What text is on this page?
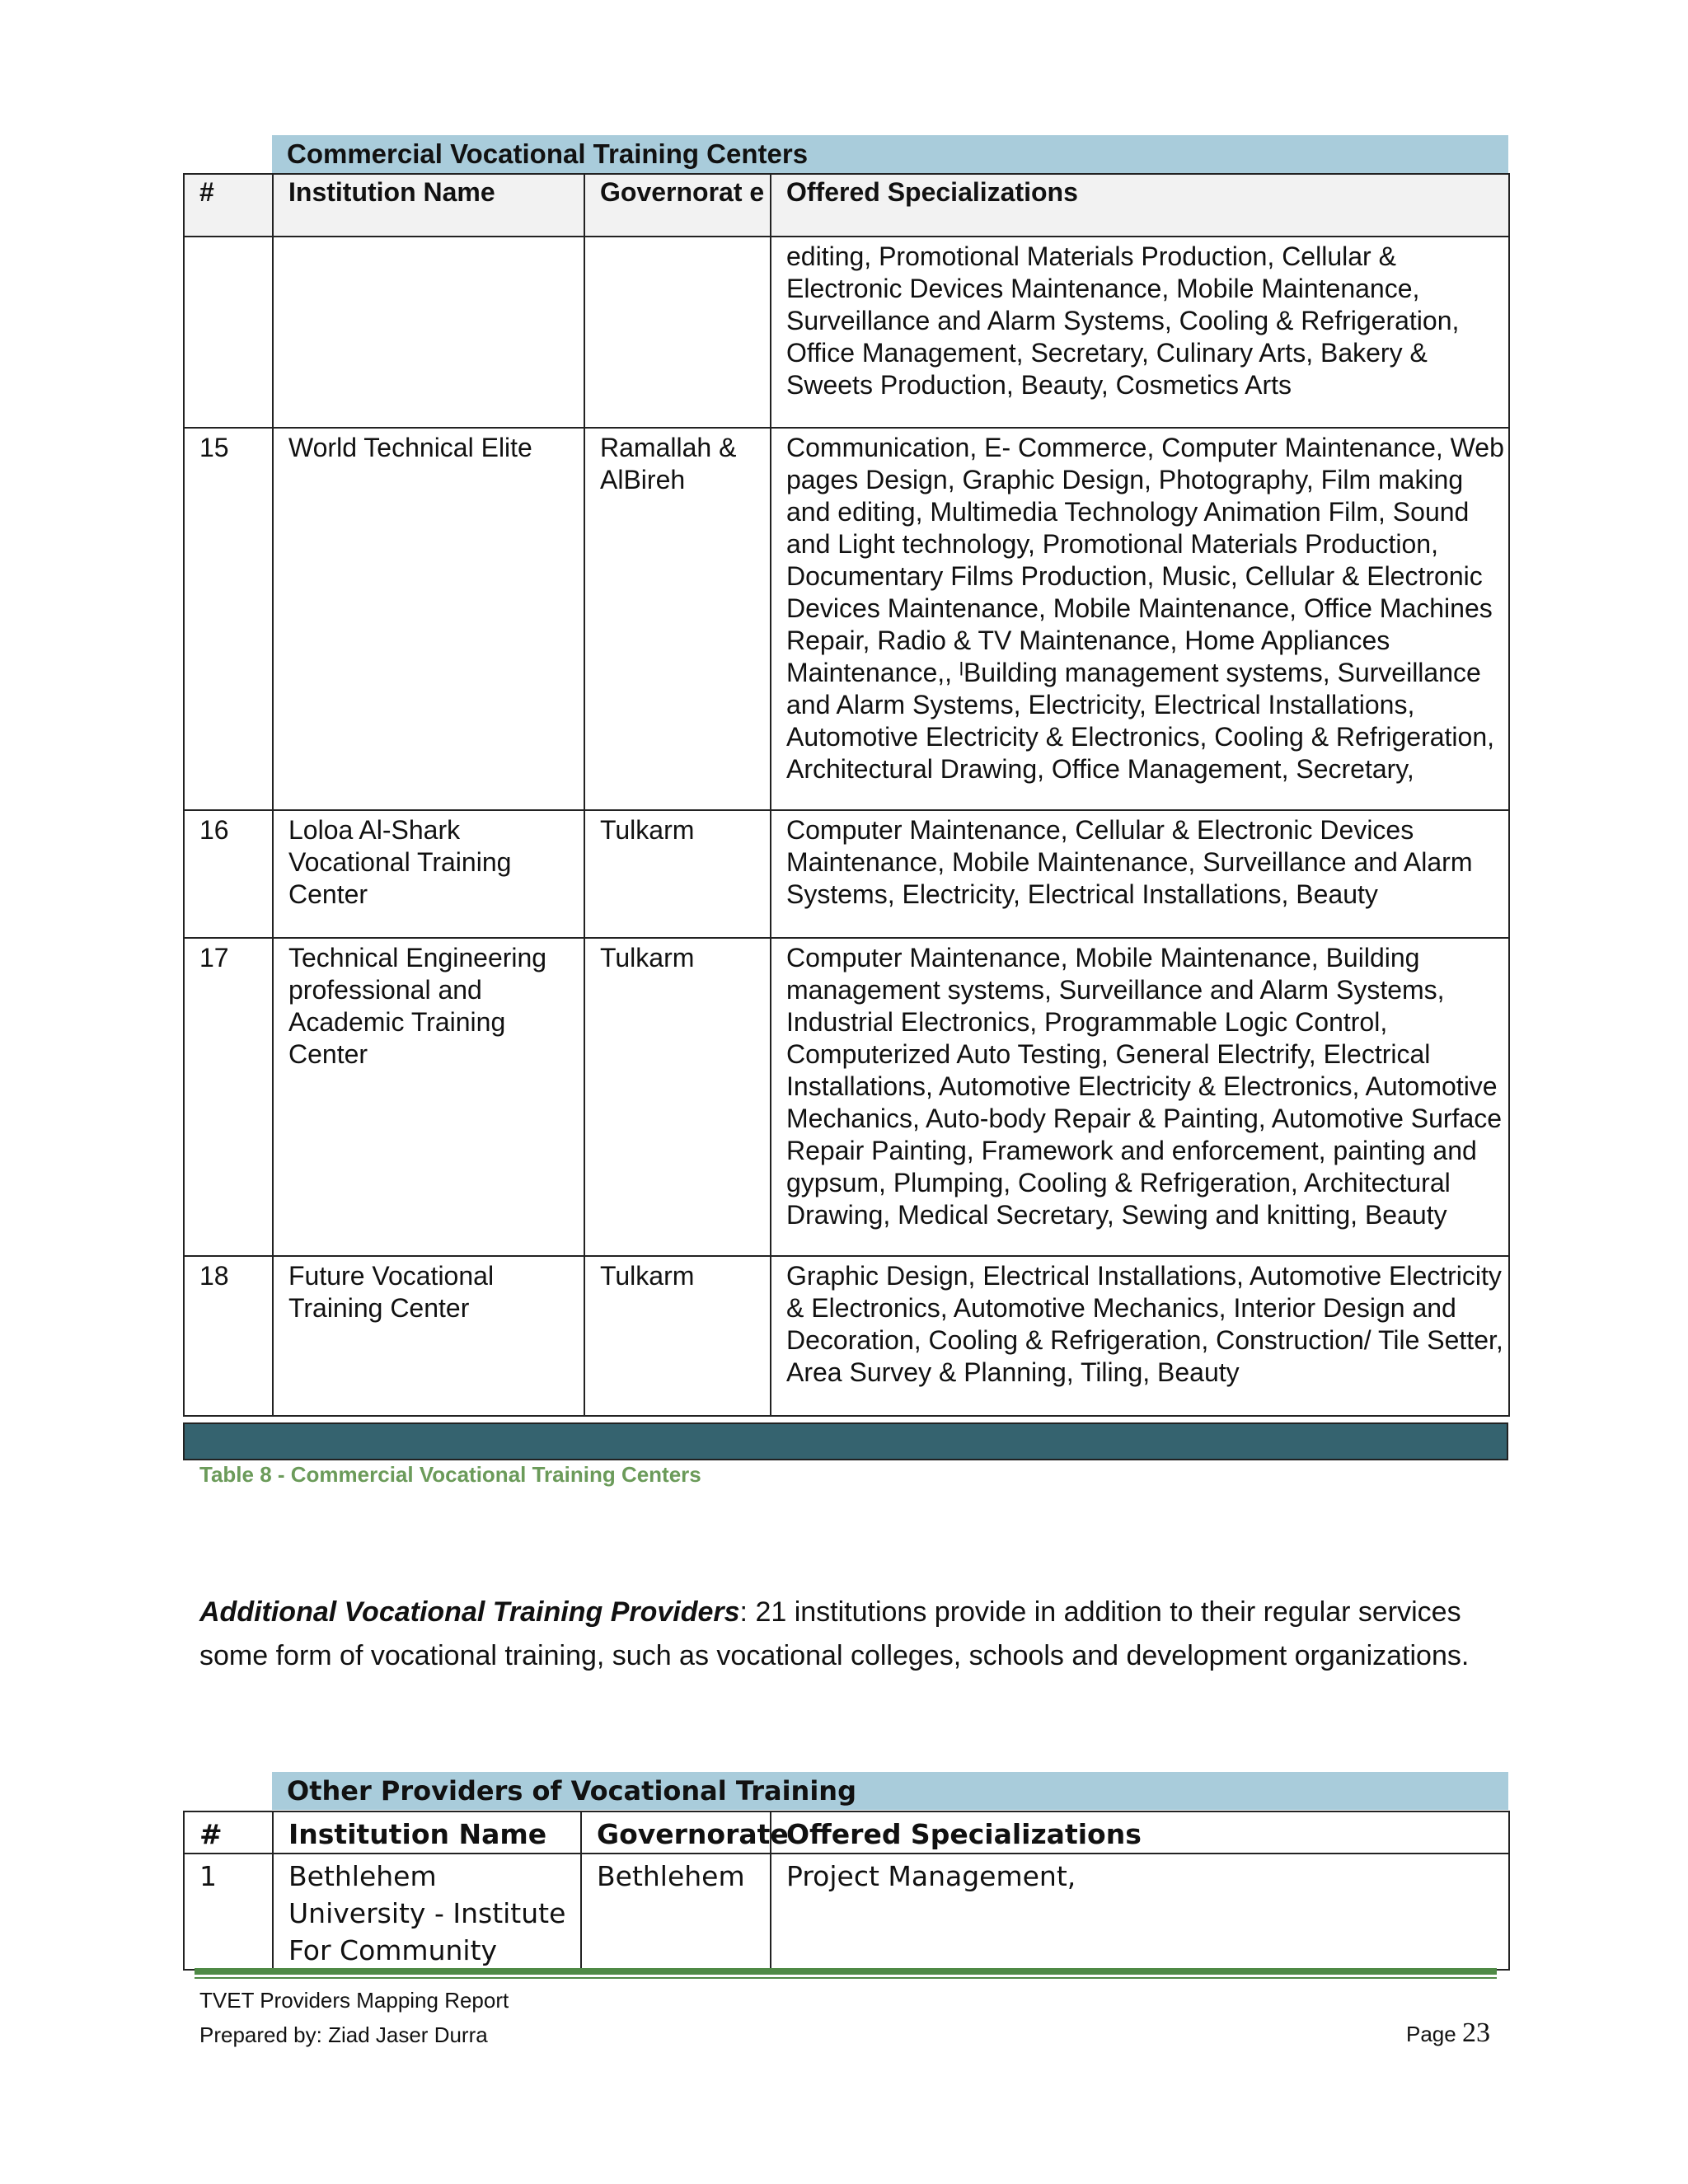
Commercial Vocational Training Centers
#	Institution Name	Governorat e	Offered Specializations
			editing, Promotional Materials Production, Cellular & Electronic Devices Maintenance, Mobile Maintenance, Surveillance and Alarm Systems, Cooling & Refrigeration, Office Management, Secretary, Culinary Arts, Bakery & Sweets Production, Beauty, Cosmetics Arts
15	World Technical Elite	Ramallah & AlBireh	Communication, E- Commerce, Computer Maintenance, Web pages Design, Graphic Design, Photography, Film making and editing, Multimedia Technology Animation Film, Sound and Light technology, Promotional Materials Production, Documentary Films Production, Music, Cellular & Electronic Devices Maintenance, Mobile Maintenance, Office Machines Repair, Radio & TV Maintenance, Home Appliances Maintenance,, ˡBuilding management systems, Surveillance and Alarm Systems, Electricity, Electrical Installations, Automotive Electricity & Electronics, Cooling & Refrigeration, Architectural Drawing, Office Management, Secretary,
16	Loloa Al-Shark Vocational Training Center	Tulkarm	Computer Maintenance, Cellular & Electronic Devices Maintenance, Mobile Maintenance, Surveillance and Alarm Systems, Electricity, Electrical Installations, Beauty
17	Technical Engineering professional and Academic Training Center	Tulkarm	Computer Maintenance, Mobile Maintenance, Building management systems, Surveillance and Alarm Systems, Industrial Electronics, Programmable Logic Control, Computerized Auto Testing, General Electrify, Electrical Installations, Automotive Electricity & Electronics, Automotive Mechanics, Auto-body Repair & Painting, Automotive Surface Repair Painting, Framework and enforcement, painting and gypsum, Plumping, Cooling & Refrigeration, Architectural Drawing, Medical Secretary, Sewing and knitting, Beauty
18	Future Vocational Training Center	Tulkarm	Graphic Design, Electrical Installations, Automotive Electricity & Electronics, Automotive Mechanics, Interior Design and Decoration, Cooling & Refrigeration, Construction/ Tile Setter, Area Survey & Planning, Tiling, Beauty
Table 8 - Commercial Vocational Training Centers
Additional Vocational Training Providers: 21 institutions provide in addition to their regular services some form of vocational training, such as vocational colleges, schools and development organizations.
Other Providers of Vocational Training
#	Institution Name	Governorate	Offered Specializations
1	Bethlehem University - Institute For Community	Bethlehem	Project Management,
TVET Providers Mapping Report
Prepared by: Ziad Jaser Durra	Page 23
